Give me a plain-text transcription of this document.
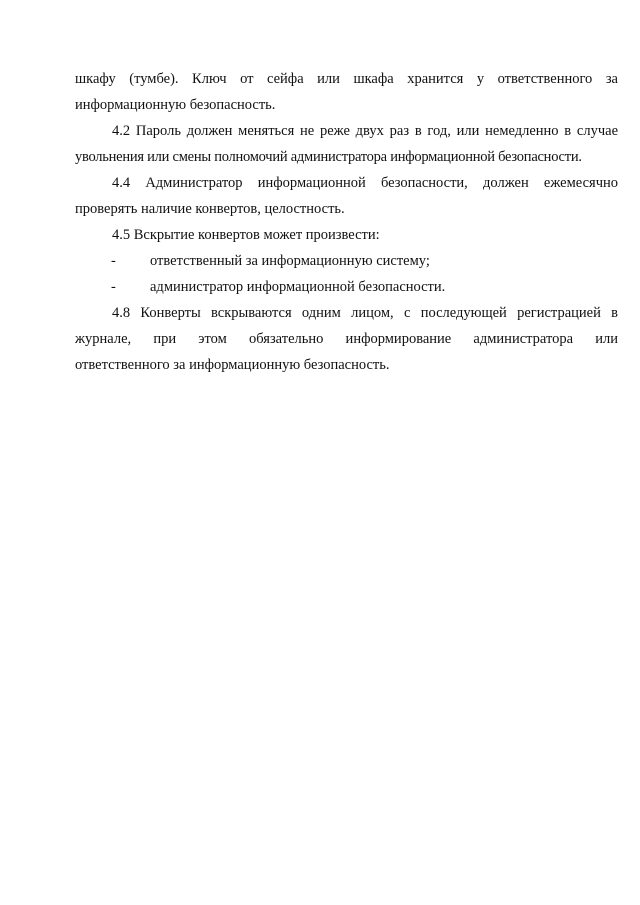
шкафу (тумбе). Ключ от сейфа или шкафа хранится у ответственного за
информационную безопасность.
4.2 Пароль должен меняться не реже двух раз в год, или немедленно в случае
увольнения или смены полномочий администратора информационной безопасности.
4.4 Администратор информационной безопасности, должен ежемесячно
проверять наличие конвертов, целостность.
4.5 Вскрытие конвертов может произвести:
- ответственный за информационную систему;
- администратор информационной безопасности.
4.8 Конверты вскрываются одним лицом, с последующей регистрацией в
журнале, при этом обязательно информирование администратора или
ответственного за информационную безопасность.
